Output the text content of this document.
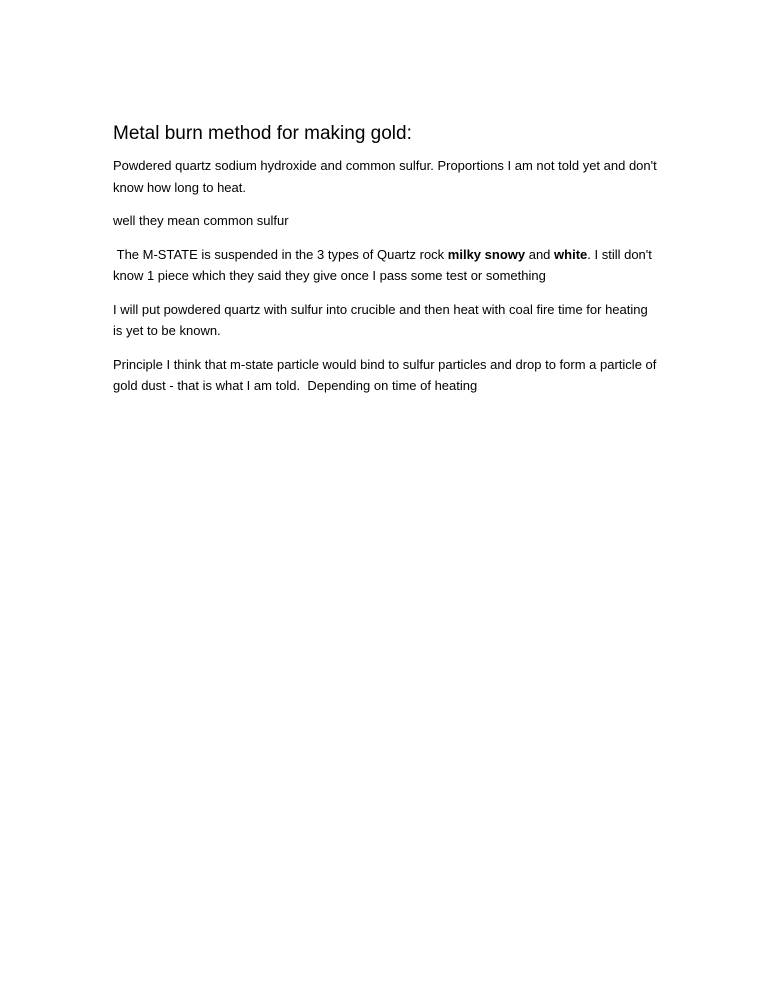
Metal burn method for making gold:

Powdered quartz sodium hydroxide and common sulfur. Proportions I am not told yet and don't know how long to heat.

well they mean common sulfur

The M-STATE is suspended in the 3 types of Quartz rock milky snowy and white. I still don't know 1 piece which they said they give once I pass some test or something

I will put powdered quartz with sulfur into crucible and then heat with coal fire time for heating is yet to be known.

Principle I think that m-state particle would bind to sulfur particles and drop to form a particle of gold dust - that is what I am told.  Depending on time of heating
